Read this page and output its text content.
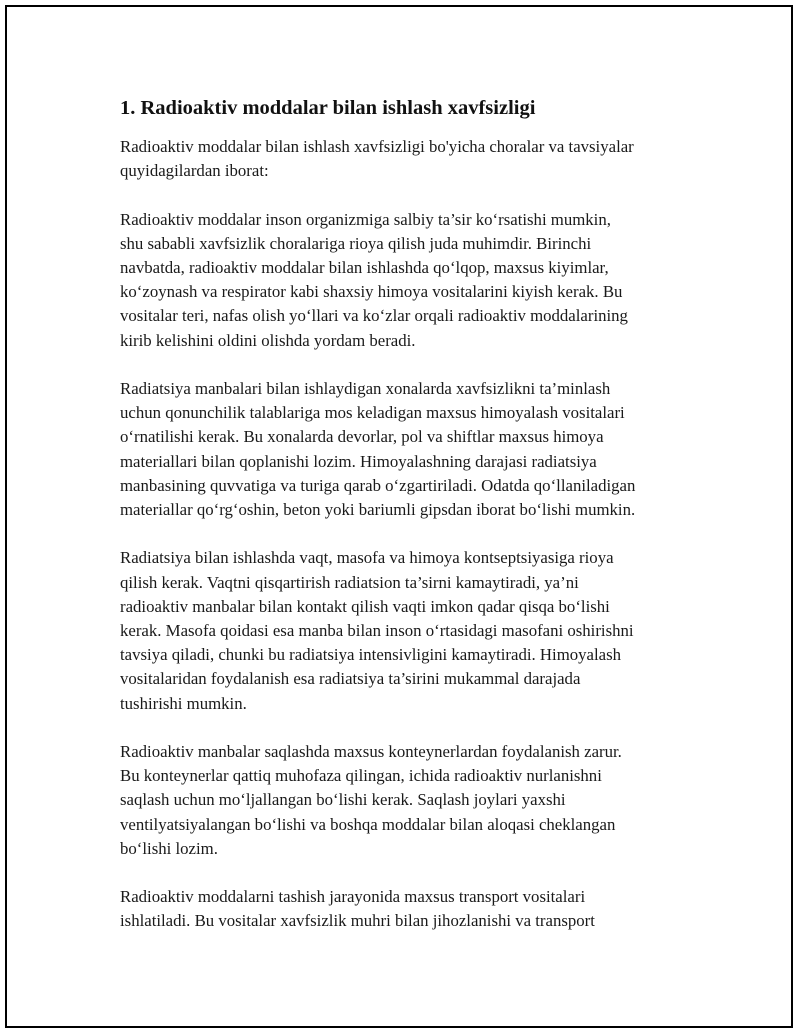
1. Radioaktiv moddalar bilan ishlash xavfsizligi

Radioaktiv moddalar bilan ishlash xavfsizligi bo'yicha choralar va tavsiyalar
quyidagilardan iborat:

Radioaktiv moddalar inson organizmiga salbiy ta’sir ko‘rsatishi mumkin,
shu sababli xavfsizlik choralariga rioya qilish juda muhimdir. Birinchi
navbatda, radioaktiv moddalar bilan ishlashda qo‘lqop, maxsus kiyimlar,
ko‘zoynash va respirator kabi shaxsiy himoya vositalarini kiyish kerak. Bu
vositalar teri, nafas olish yo‘llari va ko‘zlar orqali radioaktiv moddalarining
kirib kelishini oldini olishda yordam beradi.

Radiatsiya manbalari bilan ishlaydigan xonalarda xavfsizlikni ta’minlash
uchun qonunchilik talablariga mos keladigan maxsus himoyalash vositalari
o‘rnatilishi kerak. Bu xonalarda devorlar, pol va shiftlar maxsus himoya
materiallari bilan qoplanishi lozim. Himoyalashning darajasi radiatsiya
manbasining quvvatiga va turiga qarab o‘zgartiriladi. Odatda qo‘llaniladigan
materiallar qo‘rg‘oshin, beton yoki bariumli gipsdan iborat bo‘lishi mumkin.

Radiatsiya bilan ishlashda vaqt, masofa va himoya kontseptsiyasiga rioya
qilish kerak. Vaqtni qisqartirish radiatsion ta’sirni kamaytiradi, ya’ni
radioaktiv manbalar bilan kontakt qilish vaqti imkon qadar qisqa bo‘lishi
kerak. Masofa qoidasi esa manba bilan inson o‘rtasidagi masofani oshirishni
tavsiya qiladi, chunki bu radiatsiya intensivligini kamaytiradi. Himoyalash
vositalaridan foydalanish esa radiatsiya ta’sirini mukammal darajada
tushirishi mumkin.

Radioaktiv manbalar saqlashda maxsus konteynerlardan foydalanish zarur.
Bu konteynerlar qattiq muhofaza qilingan, ichida radioaktiv nurlanishni
saqlash uchun mo‘ljallangan bo‘lishi kerak. Saqlash joylari yaxshi
ventilyatsiyalangan bo‘lishi va boshqa moddalar bilan aloqasi cheklangan
bo‘lishi lozim.

Radioaktiv moddalarni tashish jarayonida maxsus transport vositalari
ishlatiladi. Bu vositalar xavfsizlik muhri bilan jihozlanishi va transport
